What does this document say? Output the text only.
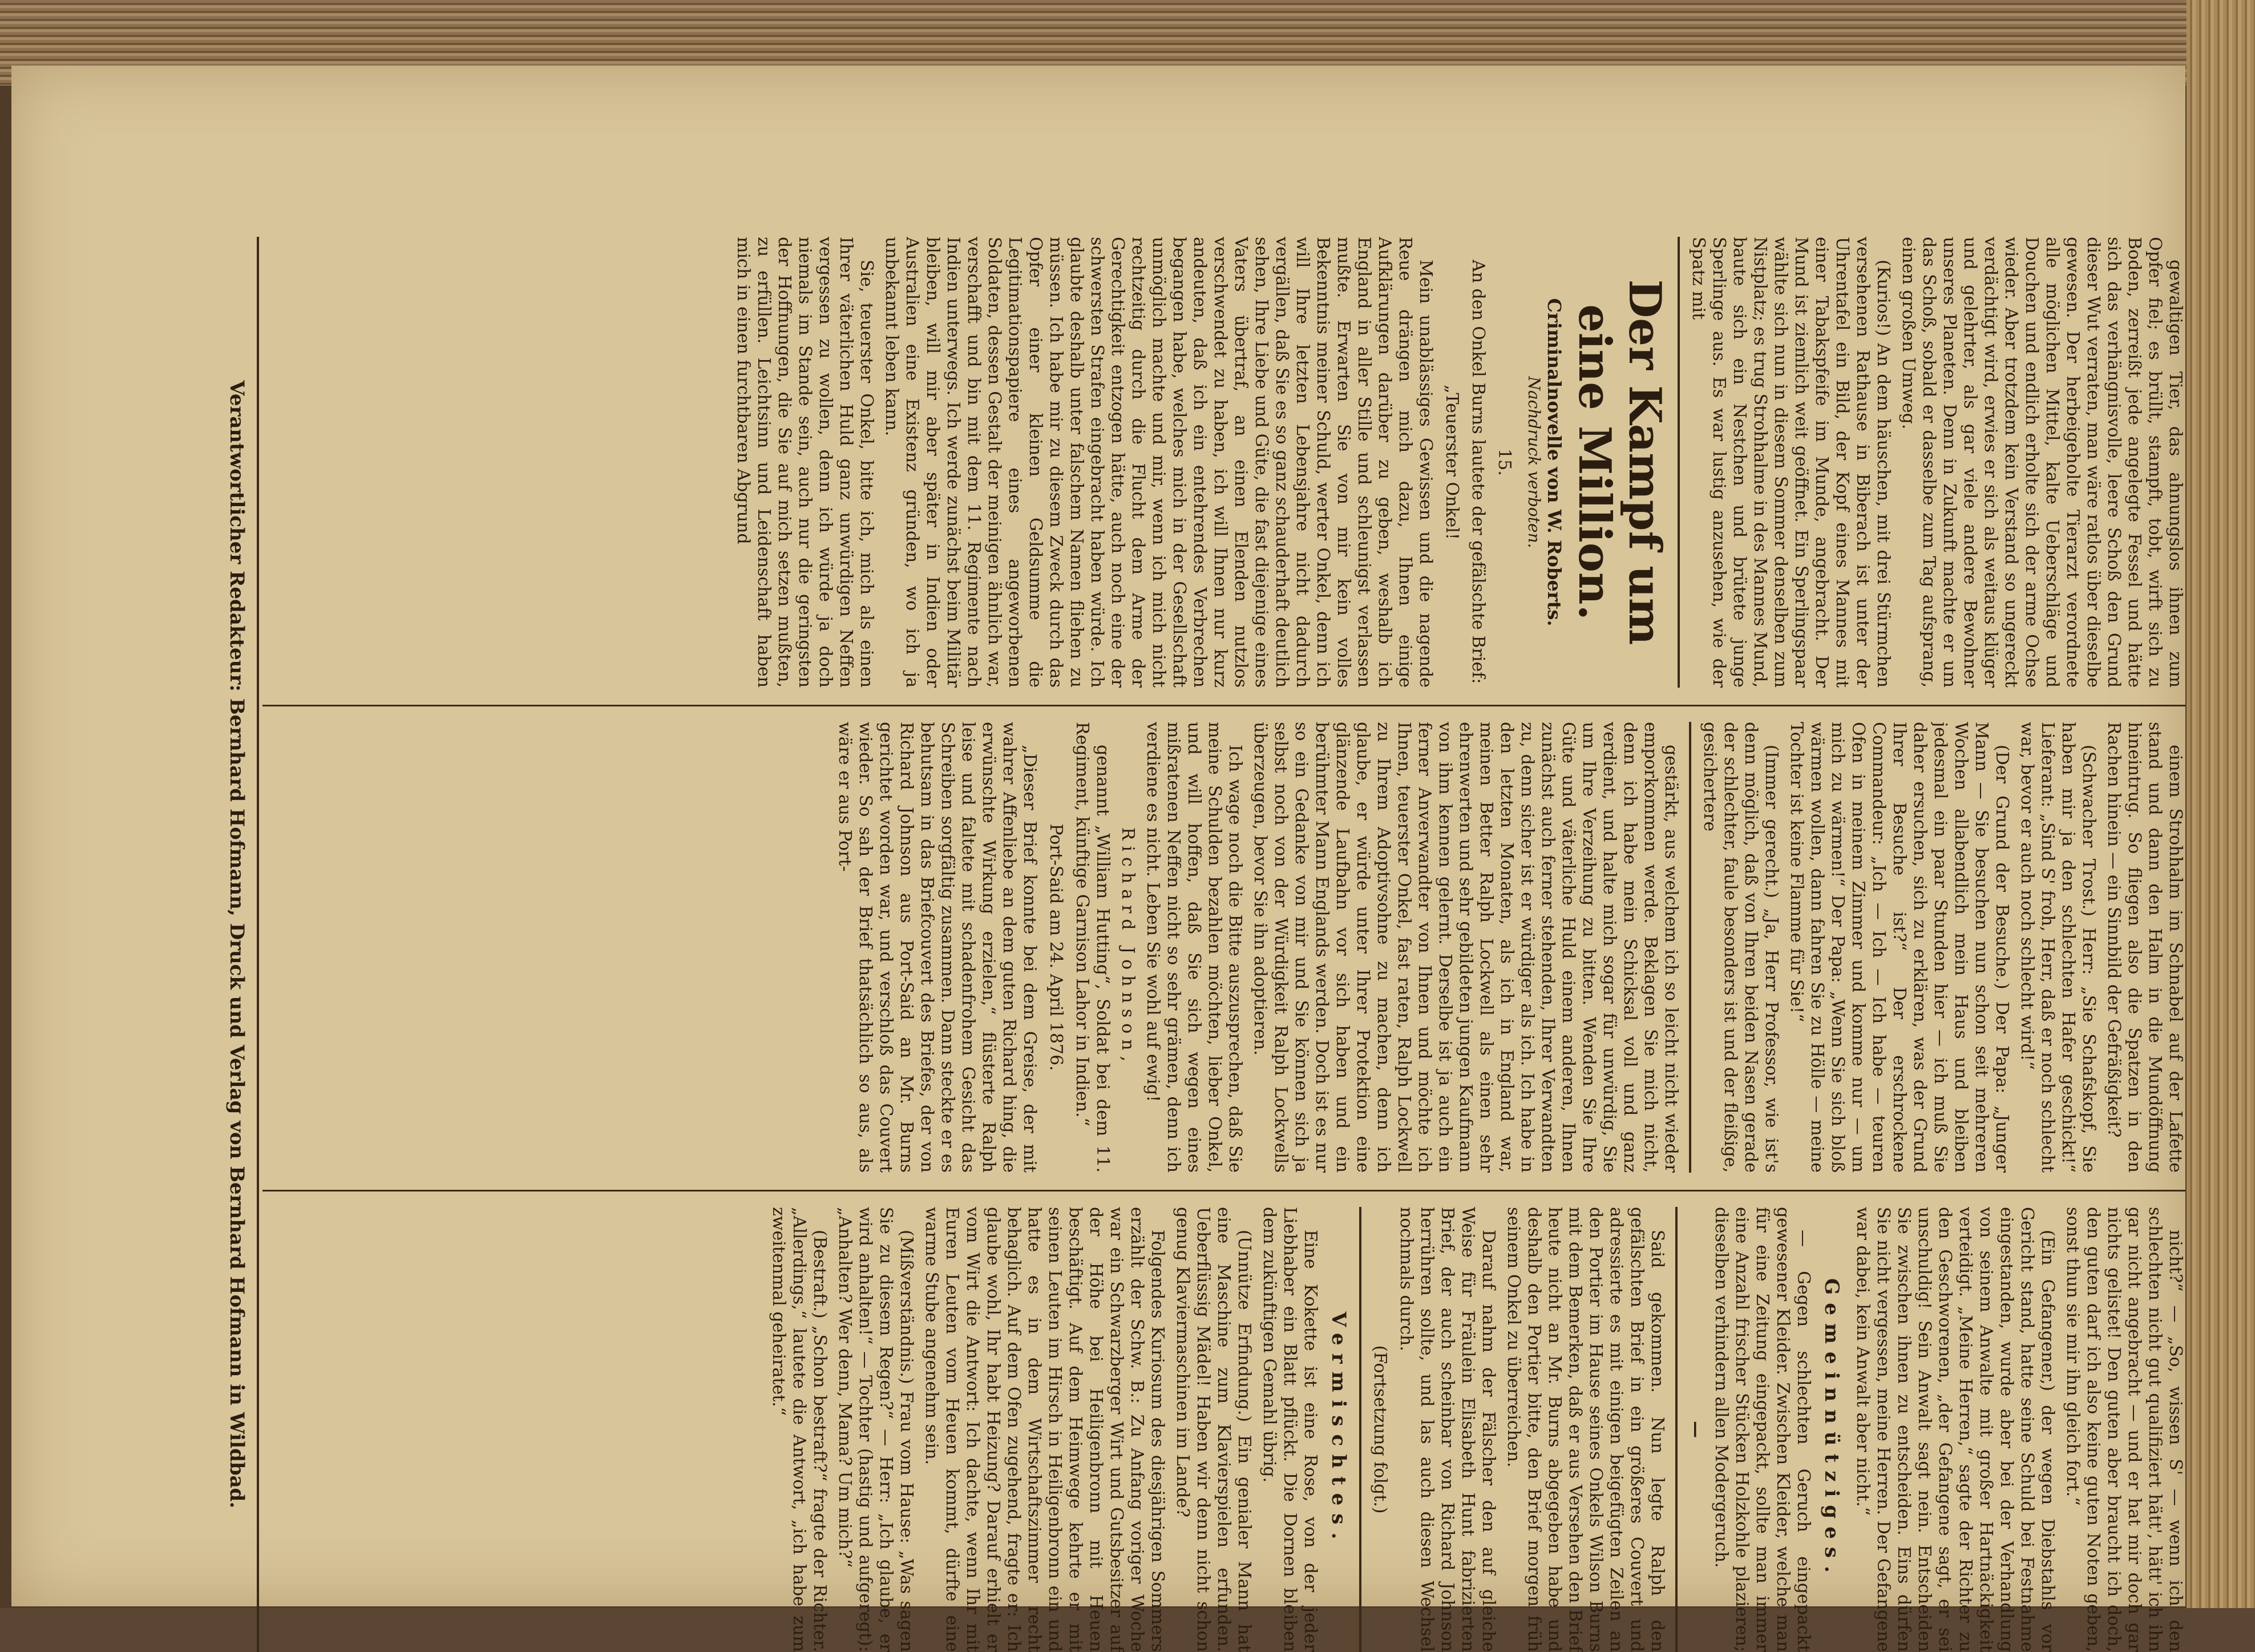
gewaltigen Tier, das ahnungslos ihnen zum Opfer fiel; es brüllt, stampft, tobt, wirft sich zu Boden, zerreißt jede angelegte Fessel und hätte sich das verhängnisvolle, leere Schoß den Grund dieser Wut verraten, man wäre ratlos über dieselbe gewesen. Der herbeigeholte Tierarzt verordnete alle möglichen Mittel, kalte Ueberschläge und Douchen und endlich erholte sich der arme Ochse wieder. Aber trotzdem kein Verstand so ungereckt verdächtigt wird, erwies er sich als weitaus klüger und gelehrter, als gar viele andere Bewohner unseres Planeten. Denn in Zukunft machte er um das Schoß, sobald er dasselbe zum Tag aufsprang, einen großen Umweg.

(Kurios!) An dem häuschen, mit drei Stürmchen versehenen Rathause in Biberach ist unter der Uhrentafel ein Bild, der Kopf eines Mannes mit einer Tabakspfeife im Munde, angebracht. Der Mund ist ziemlich weit geöffnet. Ein Sperlingspaar wählte sich nun in diesem Sommer denselben zum Nistplatz; es trug Strohhalme in des Mannes Mund, baute sich ein Nestchen und brütete junge Sperlinge aus. Es war lustig anzusehen, wie der Spatz mit

Der Kampf um eine Million.
Criminalnovelle von W. Roberts.
Nachdruck verboten.
15.

An den Onkel Burns lautete der gefälschte Brief:

„Teuerster Onkel!

Mein unablässiges Gewissen und die nagende Reue drängen mich dazu, Ihnen einige Aufklärungen darüber zu geben, weshalb ich England in aller Stille und schleunigst verlassen mußte. Erwarten Sie von mir kein volles Bekenntnis meiner Schuld, werter Onkel, denn ich will Ihre letzten Lebensjahre nicht dadurch vergällen, daß Sie es so ganz schauderhaft deutlich sehen, Ihre Liebe und Güte, die fast diejenige eines Vaters übertraf, an einen Elenden nutzlos verschwendet zu haben, ich will Ihnen nur kurz andeuten, daß ich ein entehrendes Verbrechen begangen habe, welches mich in der Gesellschaft unmöglich machte und mir, wenn ich mich nicht rechtzeitig durch die Flucht dem Arme der Gerechtigkeit entzogen hätte, auch noch eine der schwersten Strafen eingebracht haben würde. Ich glaubte deshalb unter falschem Namen fliehen zu müssen. Ich habe mir zu diesem Zweck durch das Opfer einer kleinen Geldsumme die Legitimationspapiere eines angeworbenen Soldaten, dessen Gestalt der meinigen ähnlich war, verschafft und bin mit dem 11. Regimente nach Indien unterwegs. Ich werde zunächst beim Militär bleiben, will mir aber später in Indien oder Australien eine Existenz gründen, wo ich ja unbekannt leben kann.

Sie, teuerster Onkel, bitte ich, mich als einen Ihrer väterlichen Huld ganz unwürdigen Neffen vergessen zu wollen, denn ich würde ja doch niemals im Stande sein, auch nur die geringsten der Hoffnungen, die Sie auf mich setzen mußten, zu erfüllen. Leichtsinn und Leidenschaft haben mich in einen furchtbaren Abgrund

einem Strohhalm im Schnabel auf der Lafette stand und dann den Halm in die Mundöffnung hineintrug. So fliegen also die Spatzen in den Rachen hinein — ein Sinnbild der Gefräßigkeit?

(Schwacher Trost.) Herr: „Sie Schafskopf, Sie haben mir ja den schlechten Hafer geschickt!“ Lieferant: „Sind S' froh, Herr, daß er noch schlecht war, bevor er auch noch schlecht wird!“

(Der Grund der Besuche.) Der Papa: „Junger Mann — Sie besuchen nun schon seit mehreren Wochen allabendlich mein Haus und bleiben jedesmal ein paar Stunden hier — ich muß Sie daher ersuchen, sich zu erklären, was der Grund Ihrer Besuche ist?“ Der erschrockene Commandeur: „Ich — Ich — Ich habe — teuren Ofen in meinem Zimmer und komme nur — um mich zu wärmen!“ Der Papa: „Wenn Sie sich bloß wärmen wollen, dann fahren Sie zu Hölle — meine Tochter ist keine Flamme für Sie!“

(Immer gerecht.) „Ja, Herr Professor, wie ist's denn möglich, daß von Ihren beiden Nasen gerade der schlechter, faule besonders ist und der fleißige, gesichertere

gestärkt, aus welchem ich so leicht nicht wieder emporkommen werde. Beklagen Sie mich nicht, denn ich habe mein Schicksal voll und ganz verdient, und halte mich sogar für unwürdig, Sie um Ihre Verzeihung zu bitten. Wenden Sie Ihre Güte und väterliche Huld einem anderen, Ihnen zunächst auch ferner stehenden, Ihrer Verwandten zu, denn sicher ist er würdiger als ich. Ich habe in den letzten Monaten, als ich in England war, meinen Better Ralph Lockwell als einen sehr ehrenwerten und sehr gebildeten jungen Kaufmann von ihm kennen gelernt. Derselbe ist ja auch ein ferner Anverwandter von Ihnen und möchte ich Ihnen, teuerster Onkel, fast raten, Ralph Lockwell zu Ihrem Adoptivsohne zu machen, denn ich glaube, er würde unter Ihrer Protektion eine glänzende Laufbahn vor sich haben und ein berühmter Mann Englands werden. Doch ist es nur so ein Gedanke von mir und Sie können sich ja selbst noch von der Würdigkeit Ralph Lockwells überzeugen, bevor Sie ihn adoptieren.

Ich wage noch die Bitte auszusprechen, daß Sie meine Schulden bezahlen möchten, lieber Onkel, und will hoffen, daß Sie sich wegen eines mißratenen Neffen nicht so sehr grämen, denn ich verdiene es nicht. Leben Sie wohl auf ewig!

Richard Johnson,

genannt „William Hutting“, Soldat bei dem 11. Regiment, künftige Garnison Lahor in Indien.“

Port-Said am 24. April 1876.

„Dieser Brief konnte bei dem Greise, der mit wahrer Affenliebe an dem guten Richard hing, die erwünschte Wirkung erzielen,“ flüsterte Ralph leise und faltete mit schadenfrohem Gesicht das Schreiben sorgfältig zusammen. Dann steckte er es behutsam in das Briefcouvert des Briefes, der von Richard Johnson aus Port-Said an Mr. Burns gerichtet worden war, und verschloß das Couvert wieder. So sah der Brief thatsächlich so aus, als wäre er aus Port-

nicht?“ — „So, wissen S' — wenn ich den schlechten nicht gut qualifiziert hätt', hätt' ich ihn gar nicht angebracht — und er hat mir doch gar nichts gelistet! Den guten aber braucht ich doch, den guten darf ich also keine guten Noten geben, sonst thun sie mir ihn gleich fort.“

(Ein Gefangener,) der wegen Diebstahls vor Gericht stand, hatte seine Schuld bei Festnahme eingestanden, wurde aber bei der Verhandlung von seinem Anwalte mit großer Hartnäckigkeit verteidigt. „Meine Herren,“ sagte der Richter zu den Geschworenen, „der Gefangene sagt, er sei unschuldig! Sein Anwalt sagt nein. Entscheiden Sie zwischen ihnen zu entscheiden. Eins dürfen Sie nicht vergessen, meine Herren. Der Gefangene war dabei, kein Anwalt aber nicht.“

Gemeinnütziges.

— Gegen schlechten Geruch eingepackt gewesener Kleider. Zwischen Kleider, welche man für eine Zeitung eingepackt, sollte man immer eine Anzahl frischer Stücken Holzkohle plazieren; dieselben verhindern allen Modergeruch.

—

Said gekommen. Nun legte Ralph den gefälschten Brief in ein größeres Couvert und adressierte es mit einigen beigefügten Zeilen an den Portier im Hause seines Onkels Wilson Burns mit dem Bemerken, daß er aus Versehen den Brief heute nicht an Mr. Burns abgegeben habe und deshalb den Portier bitte, den Brief morgen früh seinem Onkel zu überreichen.

Darauf nahm der Fälscher den auf gleiche Weise für Fräulein Elisabeth Hunt fabrizierten Brief, der auch scheinbar von Richard Johnson herrühren sollte, und las auch diesen Wechsel nochmals durch.

(Fortsetzung folgt.)
Vermischtes.

Eine Kokette ist eine Rose, von der jeder Liebhaber ein Blatt pflückt. Die Dornen bleiben dem zukünftigen Gemahl übrig.

(Unnütze Erfindung.) Ein genialer Mann hat eine Maschine zum Klavierspielen erfunden. Ueberflüssig Mädel! Haben wir denn nicht schon genug Klaviermaschinen im Lande?

Folgendes Kuriosum des diesjährigen Sommers erzählt der Schw. B.: Zu Anfang voriger Woche war ein Schwarzberger Wirt und Gutsbesitzer auf der Höhe bei Heiligenbronn mit Heuen beschäftigt. Auf dem Heimwege kehrte er mit seinen Leuten im Hirsch in Heiligenbronn ein und hatte es in dem Wirtschaftszimmer recht behaglich. Auf dem Ofen zugehend, fragte er: Ich glaube wohl, Ihr habt Heizung? Darauf erhielt er vom Wirt die Antwort: Ich dachte, wenn Ihr mit Euren Leuten vom Heuen kommt, dürfte eine warme Stube angenehm sein.

(Mißverständnis.) Frau vom Hause: „Was sagen Sie zu diesem Regen?“ — Herr: „Ich glaube, er wird anhalten!“ — Tochter (hastig und aufgeregt): „Anhalten? Wer denn, Mama? Um mich?“

(Bestraft.) „Schon bestraft?“ fragte der Richter. „Allerdings,“ lautete die Antwort, „ich habe zum zweitenmal geheiratet.“

Verantwortlicher Redakteur: Bernhard Hofmann, Druck und Verlag von Bernhard Hofmann in Wildbad.
